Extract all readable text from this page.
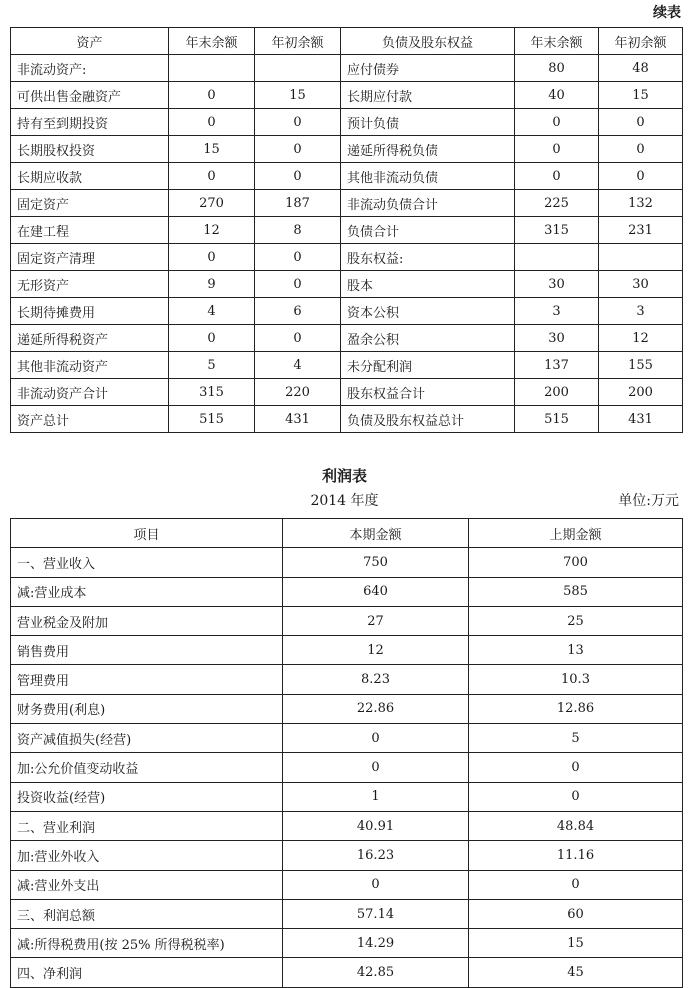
续表
资产	年末余额	年初余额	负债及股东权益	年末余额	年初余额
非流动资产:			应付债券	80	48
可供出售金融资产	0	15	长期应付款	40	15
持有至到期投资	0	0	预计负债	0	0
长期股权投资	15	0	递延所得税负债	0	0
长期应收款	0	0	其他非流动负债	0	0
固定资产	270	187	非流动负债合计	225	132
在建工程	12	8	负债合计	315	231
固定资产清理	0	0	股东权益:		
无形资产	9	0	股本	30	30
长期待摊费用	4	6	资本公积	3	3
递延所得税资产	0	0	盈余公积	30	12
其他非流动资产	5	4	未分配利润	137	155
非流动资产合计	315	220	股东权益合计	200	200
资产总计	515	431	负债及股东权益总计	515	431
利润表
2014 年度	单位:万元
项目	本期金额	上期金额
一、营业收入	750	700
减:营业成本	640	585
营业税金及附加	27	25
销售费用	12	13
管理费用	8.23	10.3
财务费用(利息)	22.86	12.86
资产减值损失(经营)	0	5
加:公允价值变动收益	0	0
投资收益(经营)	1	0
二、营业利润	40.91	48.84
加:营业外收入	16.23	11.16
减:营业外支出	0	0
三、利润总额	57.14	60
减:所得税费用(按 25% 所得税税率)	14.29	15
四、净利润	42.85	45
